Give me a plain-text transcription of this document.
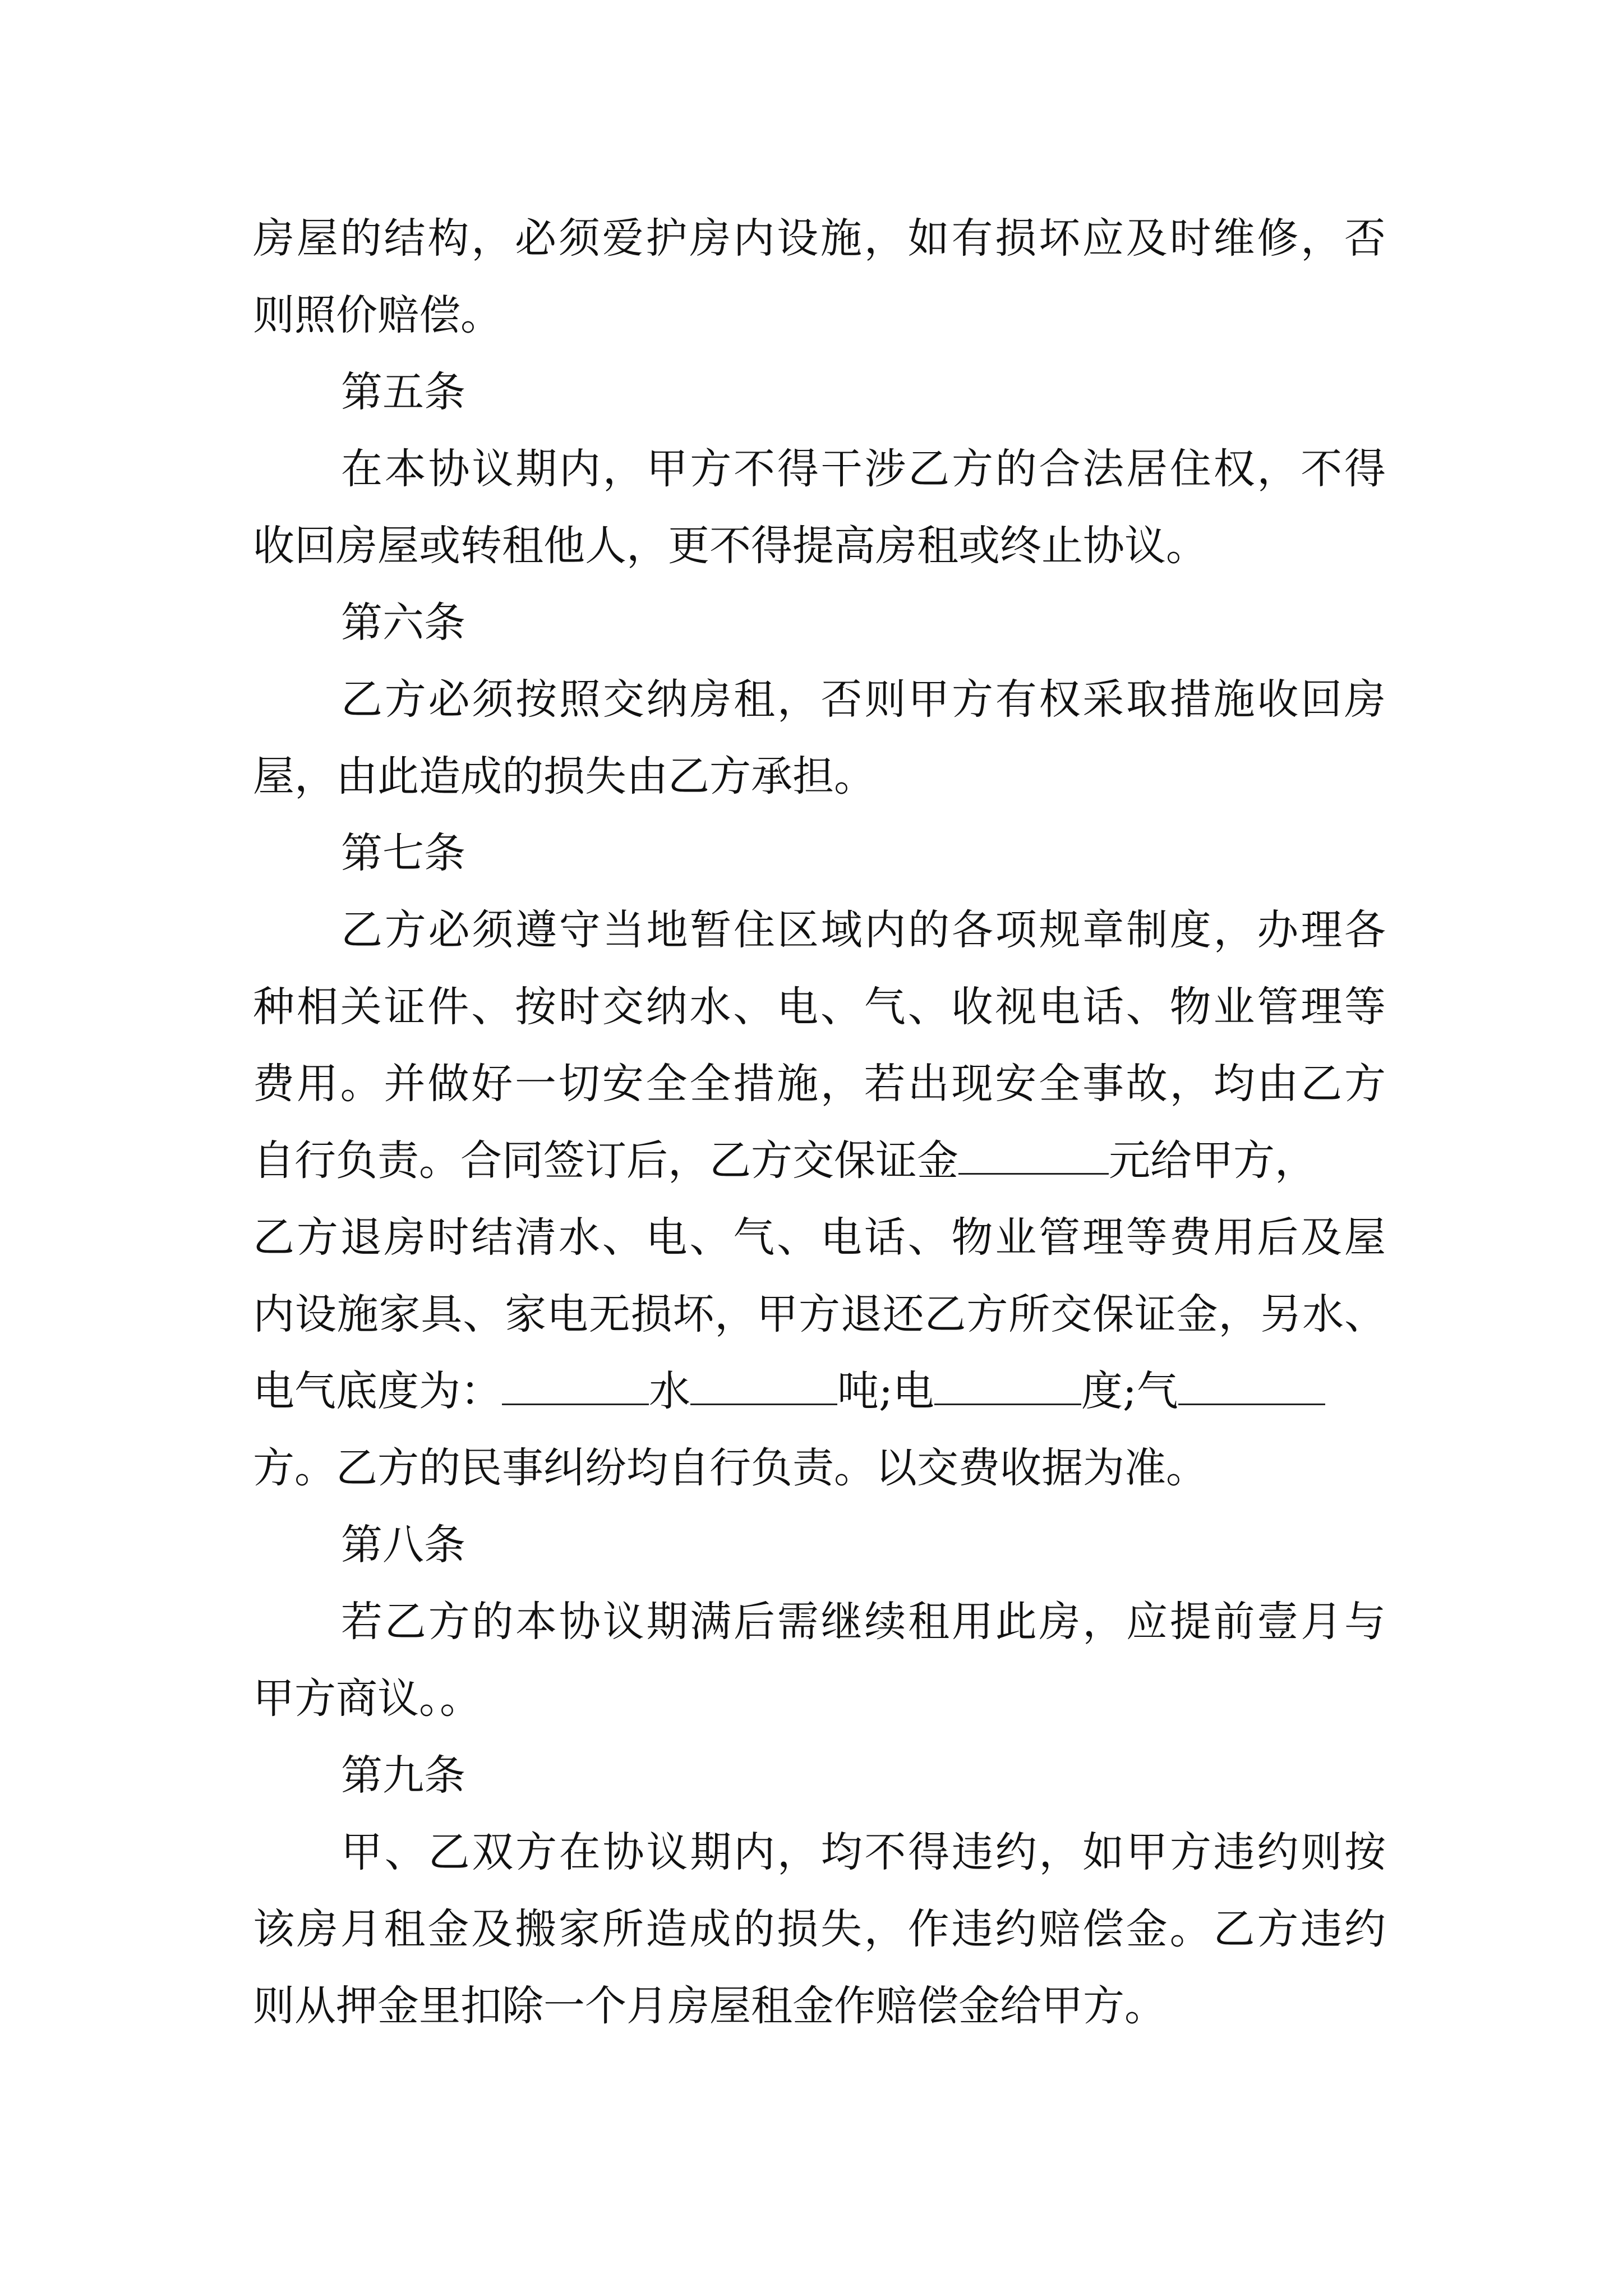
房屋的结构，必须爱护房内设施，如有损坏应及时维修，否
则照价赔偿。
第五条
在本协议期内，甲方不得干涉乙方的合法居住权，不得
收回房屋或转租他人，更不得提高房租或终止协议。
第六条
乙方必须按照交纳房租，否则甲方有权采取措施收回房
屋，由此造成的损失由乙方承担。
第七条
乙方必须遵守当地暂住区域内的各项规章制度，办理各
种相关证件、按时交纳水、电、气、收视电话、物业管理等
费用。并做好一切安全全措施，若出现安全事故，均由乙方
自行负责。合同签订后，乙方交保证金	元给甲方，
乙方退房时结清水、电、气、电话、物业管理等费用后及屋
内设施家具、家电无损坏，甲方退还乙方所交保证金，另水、
电气底度为：	水	吨;电	度;气
方。乙方的民事纠纷均自行负责。以交费收据为准。
第八条
若乙方的本协议期满后需继续租用此房，应提前壹月与
甲方商议。。
第九条
甲、乙双方在协议期内，均不得违约，如甲方违约则按
该房月租金及搬家所造成的损失，作违约赔偿金。乙方违约
则从押金里扣除一个月房屋租金作赔偿金给甲方。
